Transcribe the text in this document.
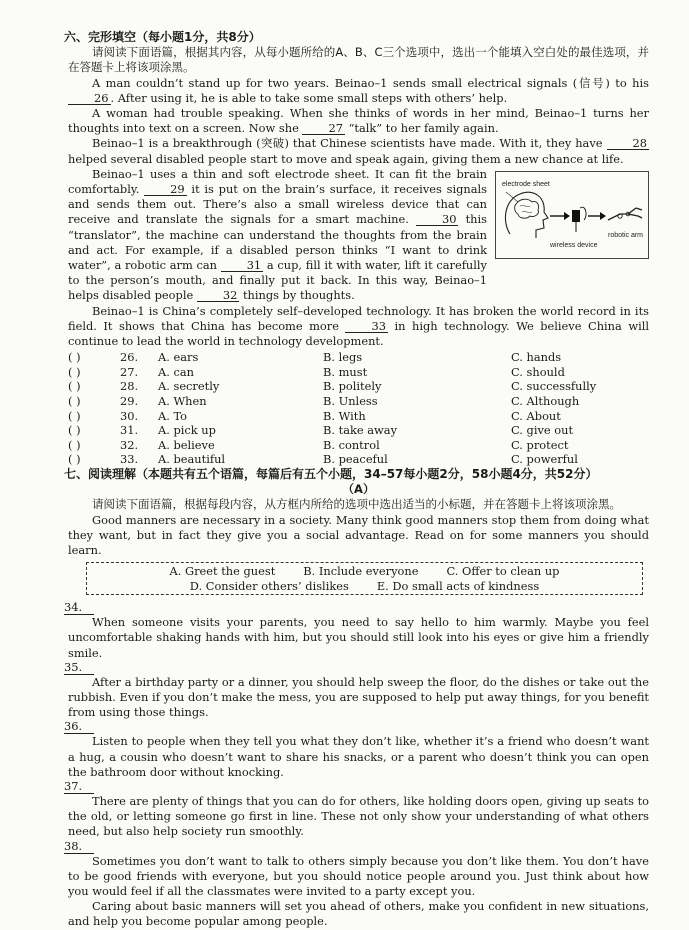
六、完形填空（每小题1分，共8分）

请阅读下面语篇，根据其内容，从每小题所给的A、B、C三个选项中，选出一个能填入空白处的最佳选项，并在答题卡上将该项涂黑。

A man couldn’t stand up for two years. Beinao–1 sends small electrical signals (信号) to his 26 . After using it, he is able to take some small steps with others’ help.

A woman had trouble speaking. When she thinks of words in her mind, Beinao–1 turns her thoughts into text on a screen. Now she 27 “talk” to her family again.

Beinao–1 is a breakthrough (突破) that Chinese scientists have made. With it, they have 28 helped several disabled people start to move and speak again, giving them a new chance at life.

Beinao–1 uses a thin and soft electrode sheet. It can fit the brain comfortably. 29 it is put on the brain’s surface, it receives signals and sends them out. There’s also a small wireless device that can receive and translate the signals for a smart machine. 30 this “translator”, the machine can understand the thoughts from the brain and act. For example, if a disabled person thinks “I want to drink water”, a robotic arm can 31 a cup, fill it with water, lift it carefully to the person’s mouth, and finally put it back. In this way, Beinao–1 helps disabled people 32 things by thoughts.

electrode sheet
wireless device
robotic arm

Beinao–1 is China’s completely self–developed technology. It has broken the world record in its field. It shows that China has become more 33 in high technology. We believe China will continue to lead the world in technology development.

( )	26.	A. ears	B. legs	C. hands
( )	27.	A. can	B. must	C. should
( )	28.	A. secretly	B. politely	C. successfully
( )	29.	A. When	B. Unless	C. Although
( )	30.	A. To	B. With	C. About
( )	31.	A. pick up	B. take away	C. give out
( )	32.	A. believe	B. control	C. protect
( )	33.	A. beautiful	B. peaceful	C. powerful
七、阅读理解（本题共有五个语篇，每篇后有五个小题，34–57每小题2分，58小题4分，共52分）
（A）

请阅读下面语篇，根据每段内容，从方框内所给的选项中选出适当的小标题，并在答题卡上将该项涂黑。

Good manners are necessary in a society. Many think good manners stop them from doing what they want, but in fact they give you a social advantage. Read on for some manners you should learn.

A. Greet the guest B. Include everyone C. Offer to clean up
D. Consider others’ dislikes E. Do small acts of kindness
34.

When someone visits your parents, you need to say hello to him warmly. Maybe you feel uncomfortable shaking hands with him, but you should still look into his eyes or give him a friendly smile.

35.

After a birthday party or a dinner, you should help sweep the floor, do the dishes or take out the rubbish. Even if you don’t make the mess, you are supposed to help put away things, for you benefit from using those things.

36.

Listen to people when they tell you what they don’t like, whether it’s a friend who doesn’t want a hug, a cousin who doesn’t want to share his snacks, or a parent who doesn’t think you can open the bathroom door without knocking.

37.

There are plenty of things that you can do for others, like holding doors open, giving up seats to the old, or letting someone go first in line. These not only show your understanding of what others need, but also help society run smoothly.

38.

Sometimes you don’t want to talk to others simply because you don’t like them. You don’t have to be good friends with everyone, but you should notice people around you. Just think about how you would feel if all the classmates were invited to a party except you.

Caring about basic manners will set you ahead of others, make you confident in new situations, and help you become popular among people.
